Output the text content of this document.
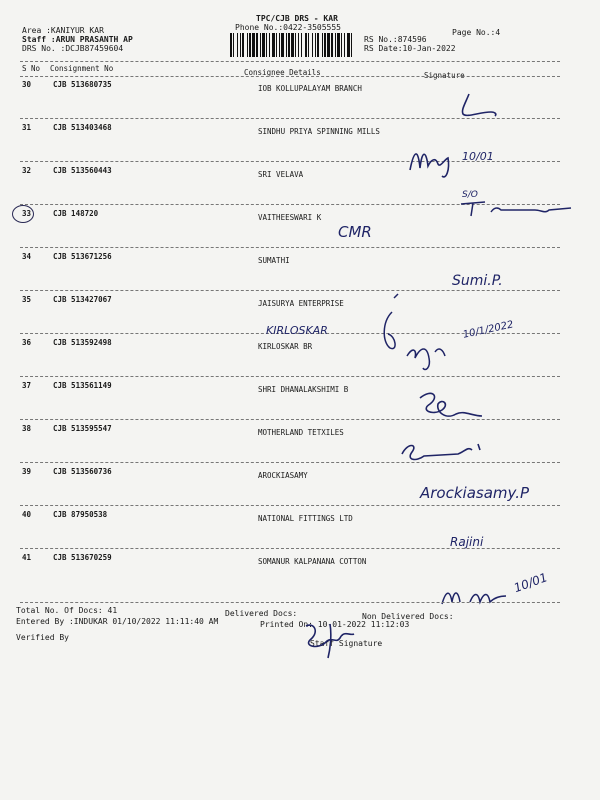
TPC/CJB DRS - KAR
Phone No.:0422-3505555
Page No.:4
Area :KANIYUR KAR
Staff :ARUN PRASANTH AP
DRS No. :DCJB87459604
RS No.:874596
RS Date:10-Jan-2022
S No Consignment No	Consignee Details	Signature
30	CJB 513680735	IOB KOLLUPALAYAM BRANCH
31	CJB 513403468	SINDHU PRIYA SPINNING MILLS
32	CJB 513560443	SRI VELAVA
33	CJB 148720	VAITHEESWARI K
34	CJB 513671256	SUMATHI
35	CJB 513427067	JAISURYA ENTERPRISE
36	CJB 513592498	KIRLOSKAR BR
37	CJB 513561149	SHRI DHANALAKSHIMI B
38	CJB 513595547	MOTHERLAND TETXILES
39	CJB 513560736	AROCKIASAMY
40	CJB 87950538	NATIONAL FITTINGS LTD
41	CJB 513670259	SOMANUR KALPANANA COTTON
10/01
S/O
CMR
Sumi.P.
KIRLOSKAR	10/1/2022
Arockiasamy.P
Rajini
10/01
Total No. Of Docs: 41	Delivered Docs:	Non Delivered Docs:
Entered By :INDUKAR 01/10/2022 11:11:40 AM	Printed On: 10-01-2022 11:12:03
Staff Signature
Verified By
